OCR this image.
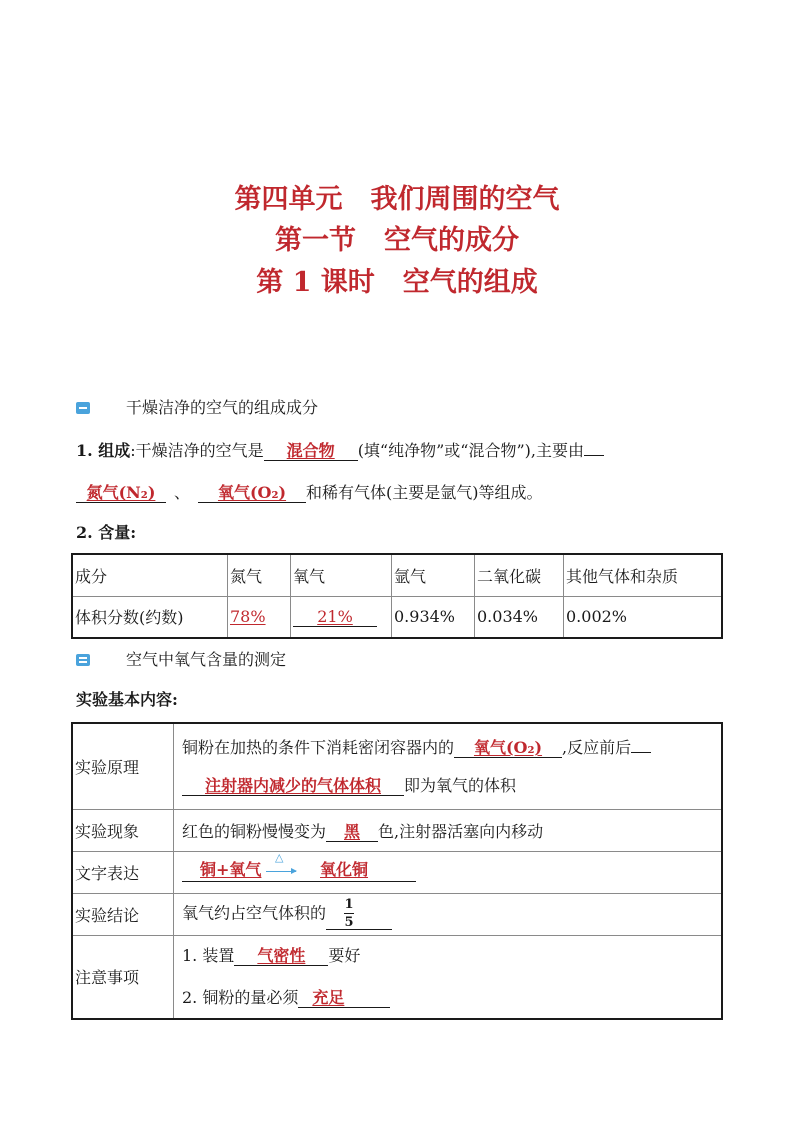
第四单元 我们周围的空气
第一节 空气的成分
第 1 课时 空气的组成
干燥洁净的空气的组成成分
1. 组成:干燥洁净的空气是 混合物 (填“纯净物”或“混合物”),主要由
氮气(N₂) 、 氧气(O₂) 和稀有气体(主要是氩气)等组成。
2. 含量:
成分	氮气	氧气	氩气	二氧化碳	其他气体和杂质
体积分数(约数)	78%	21%	0.934%	0.034%	0.002%
空气中氧气含量的测定
实验基本内容:
实验原理	铜粉在加热的条件下消耗密闭容器内的 氧气(O₂) ,反应前后
注射器内减少的气体体积 即为氧气的体积

实验现象	红色的铜粉慢慢变为 黑 色,注射器活塞向内移动
文字表达	铜+氧气
△
→ 氧化铜

实验结论	氧气约占空气体积的 $\frac{1}{5}$

注意事项	1. 装置 气密性 要好
2. 铜粉的量必须 充足
